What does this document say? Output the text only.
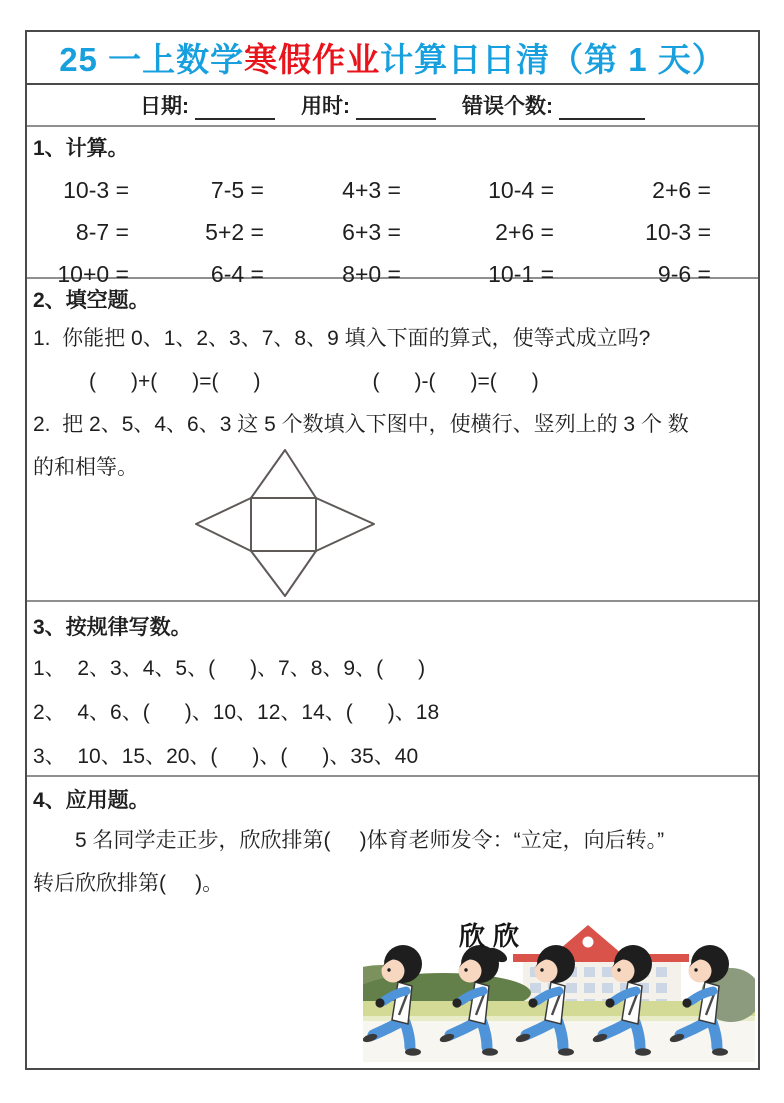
25 一上数学 寒假作业 计算日日清（第 1 天）
日期:	用时:	错误个数:
1、计算。
10-3 =	7-5 =	4+3 =	10-4 =	2+6 =
8-7 =	5+2 =	6+3 =	2+6 =	10-3 =
10+0 =	6-4 =	8+0 =	10-1 =	9-6 =
2、填空题。
1.  你能把 0、1、2、3、7、8、9 填入下面的算式，使等式成立吗?
(      )+(      )=(      )	(      )-(      )=(      )
2.  把 2、5、4、6、3 这 5 个数填入下图中，使横行、竖列上的 3 个 数
的和相等。
3、按规律写数。
1、  2、3、4、5、(      )、7、8、9、(      )
2、  4、6、(      )、10、12、14、(      )、18
3、  10、15、20、(      )、(      )、35、40
4、应用题。
5 名同学走正步，欣欣排第(     )体育老师发令：“立定，向后转。”
转后欣欣排第(     )。
欣欣
